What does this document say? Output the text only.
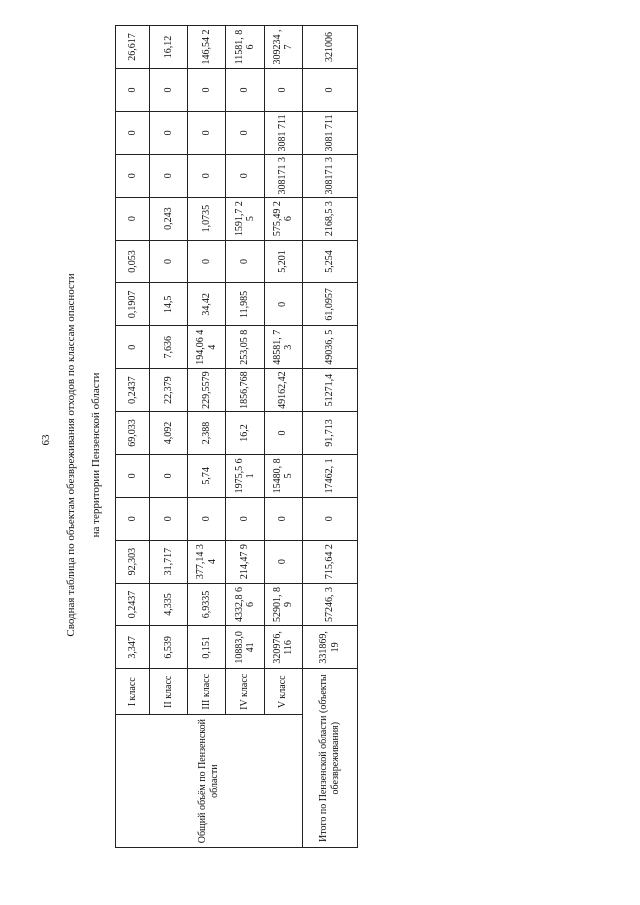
63 Сводная таблица по объектам обезвреживания отходов по классам опасности на территории Пензенской области
Общий объём по Пензенской области	I класс	3,347	0,2437	92,303	0	0	69,033	0,2437	0	0,1907	0,053	0	0	0	0	26,617
	II класс	6,539	4,335	31,717	0	0	4,092	22,379	7,636	14,5	0	0,243	0	0	0	16,12
	III класс	0,151	6,9335	377,14 34	0	5,74	2,388	229,5579	194,06 44	34,42	0	1,0735	0	0	0	146,54 2
	IV класс	10883,0 41	4332,8 66	214,47 9	0	1975,5 61	16,2	1856,768	253,05 8	11,985	0	1591,7 25	0	0	0	11581, 86
	V класс	320976, 116	52901, 89	0	0	15480, 85	0	49162,42	48581, 73	0	5,201	575,49 26	308171 3	3081 711	0	309234 ,7
Итого по Пензенской области (объекты обезвреживания)		331869, 19	57246, 3	715,64 2	0	17462, 1	91,713	51271,4	49036, 5	61,0957	5,254	2168,5 3	308171 3	3081 711	0	321006
